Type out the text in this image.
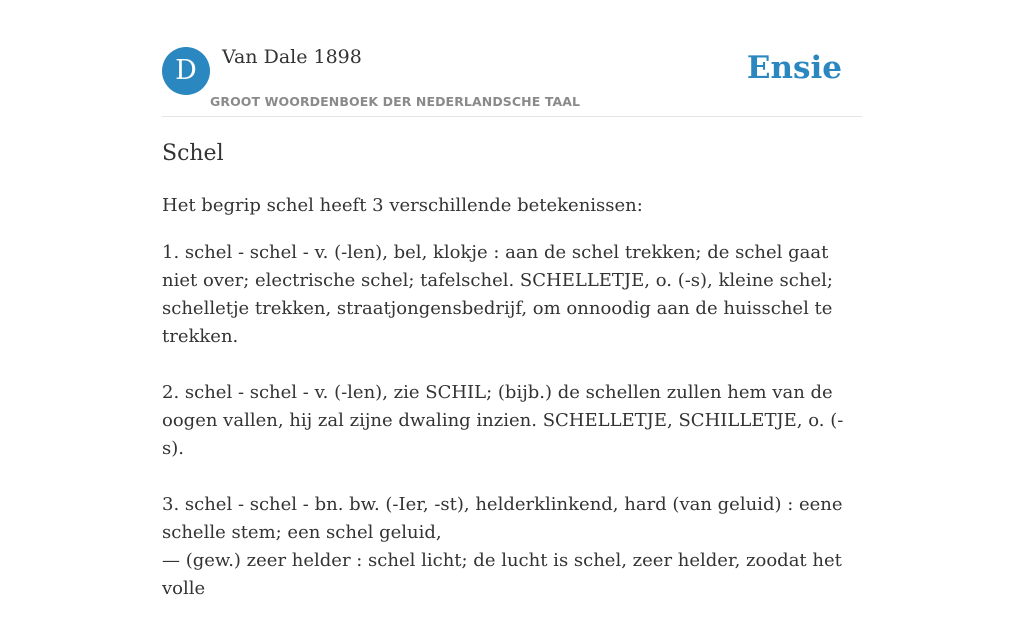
D	Van Dale 1898
GROOT WOORDENBOEK DER NEDERLANDSCHE TAAL
Ensie
Schel

Het begrip schel heeft 3 verschillende betekenissen:

1. schel - schel - v. (-len), bel, klokje : aan de schel trekken; de schel gaat niet over; electrische schel; tafelschel. SCHELLETJE, o. (-s), kleine schel; schelletje trekken, straatjongensbedrijf, om onnoodig aan de huisschel te trekken.

2. schel - schel - v. (-len), zie SCHIL; (bijb.) de schellen zullen hem van de oogen vallen, hij zal zijne dwaling inzien. SCHELLETJE, SCHILLETJE, o. (-s).

3. schel - schel - bn. bw. (-Ier, -st), helderklinkend, hard (van geluid) : eene schelle stem; een schel geluid,
— (gew.) zeer helder : schel licht; de lucht is schel, zeer helder, zoodat het volle
